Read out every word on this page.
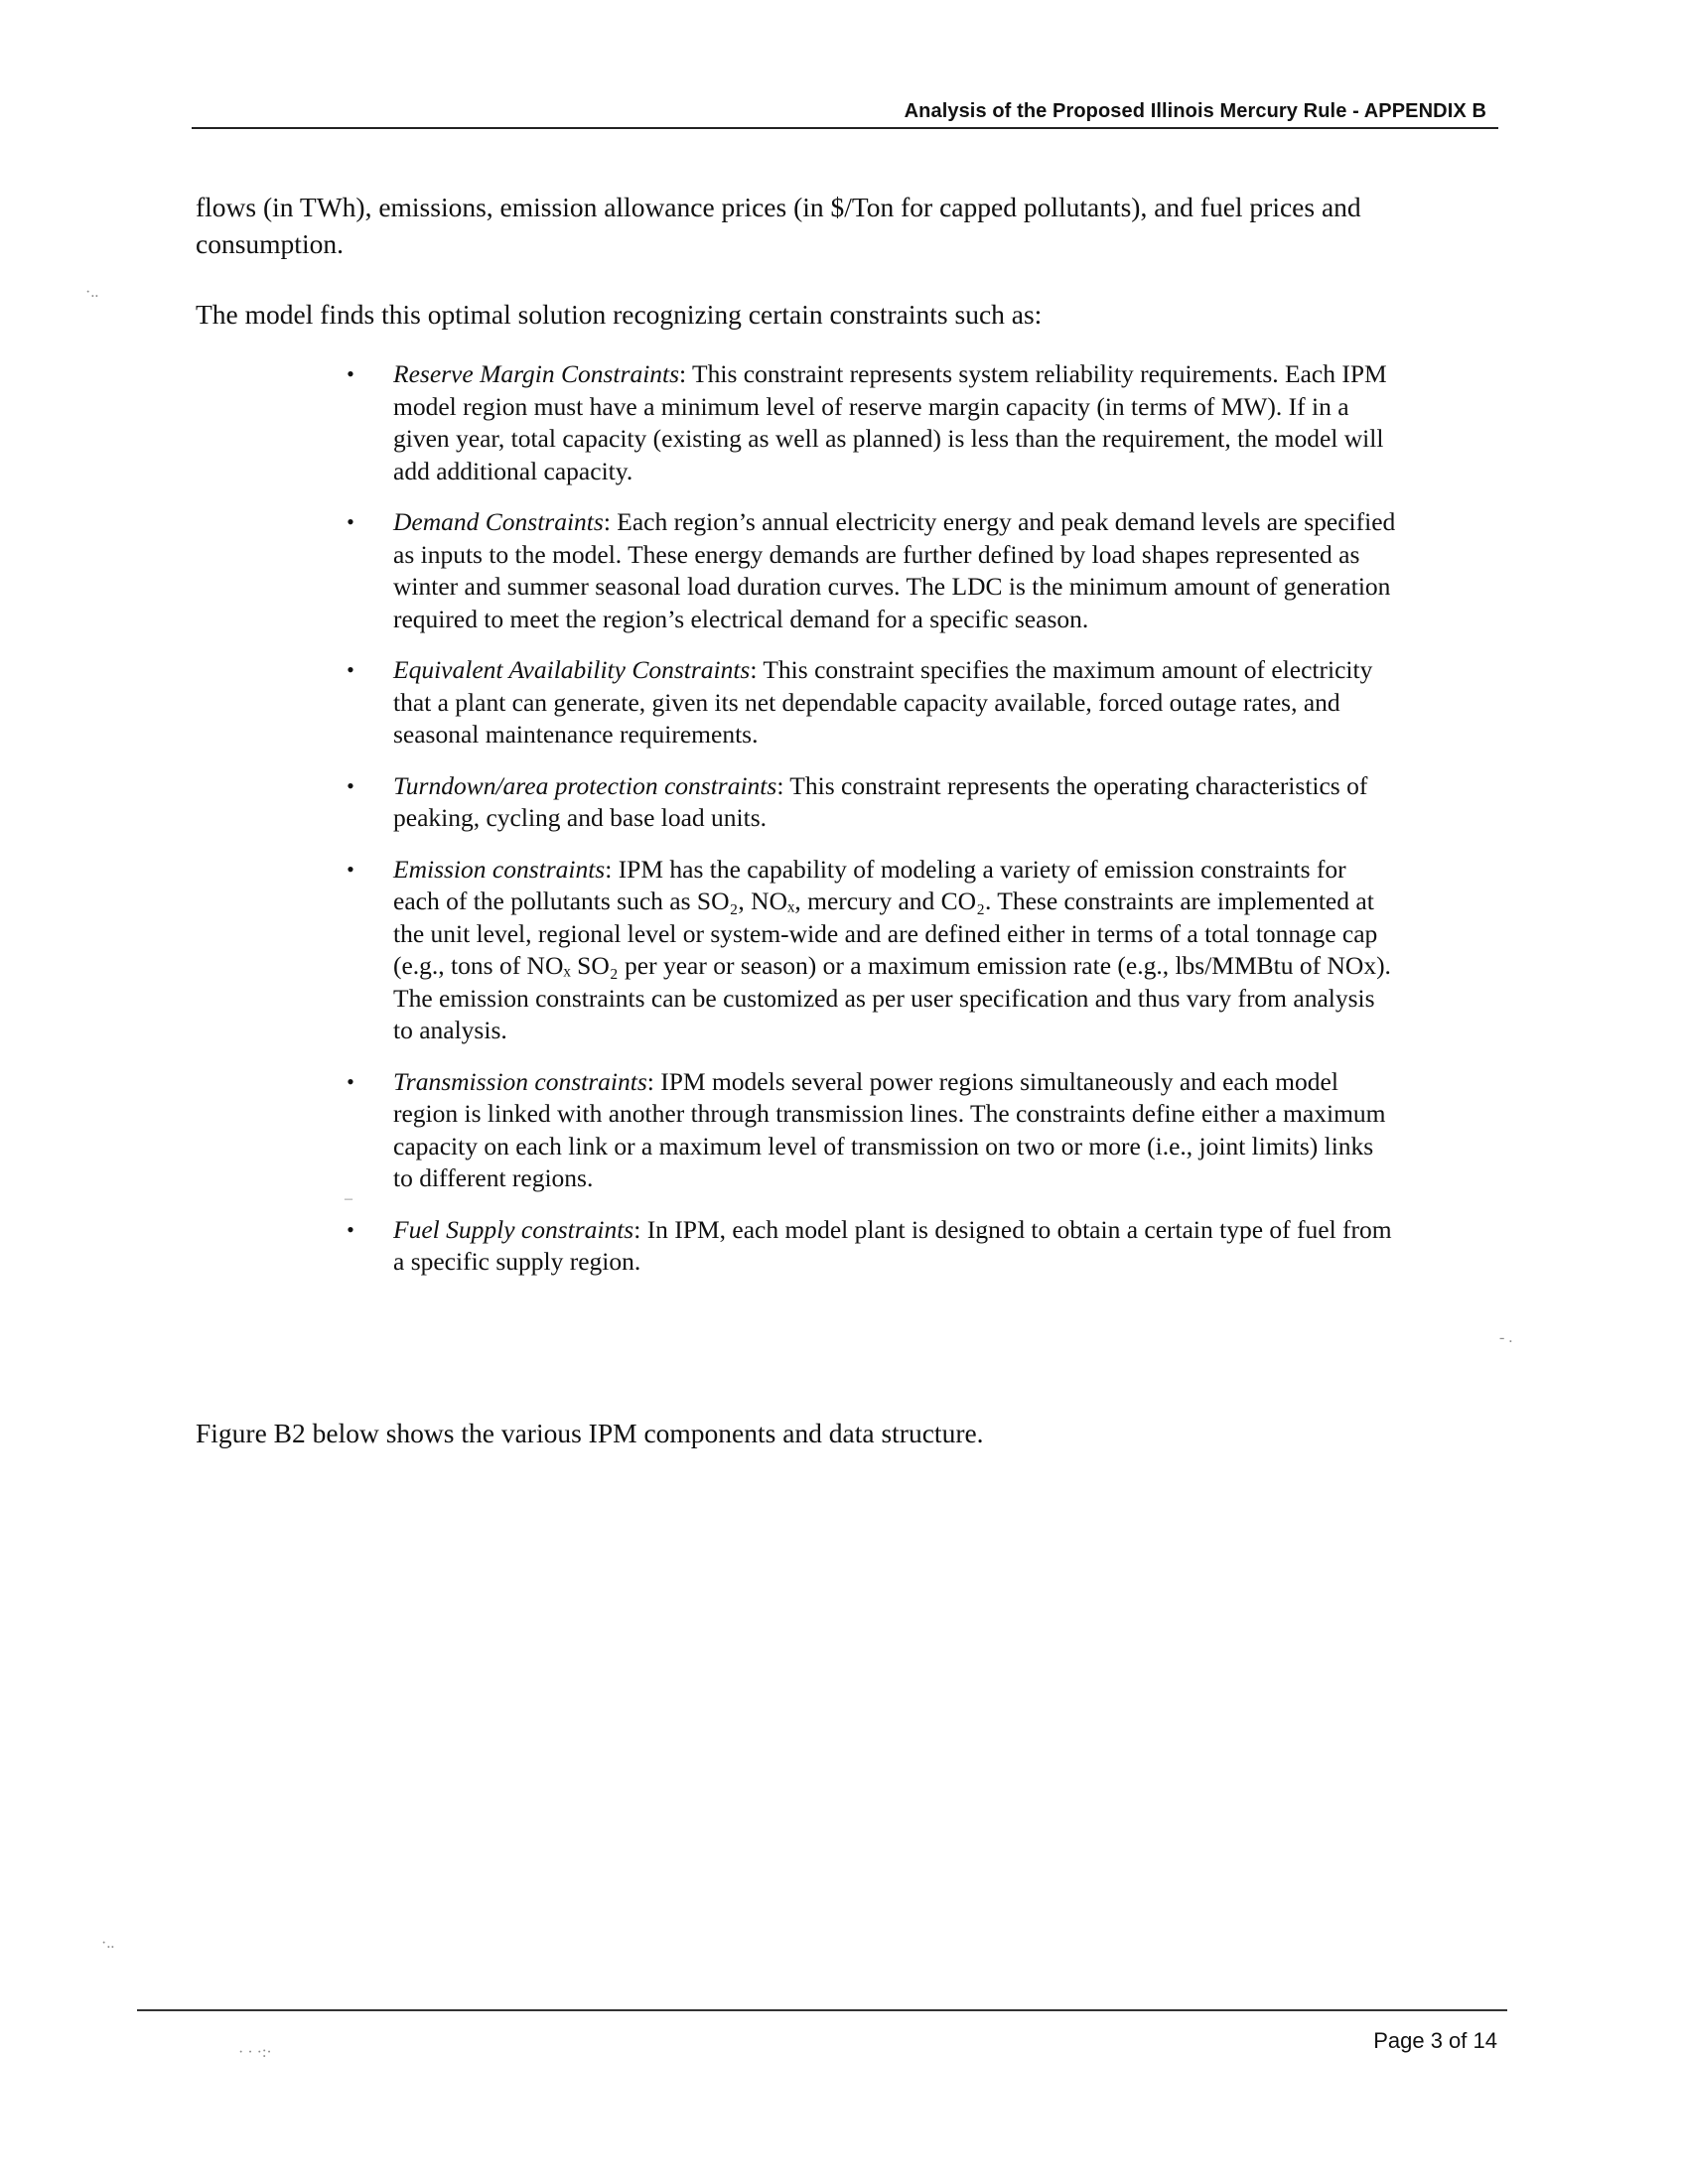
Analysis of the Proposed Illinois Mercury Rule - APPENDIX B

flows (in TWh), emissions, emission allowance prices (in $/Ton for capped pollutants), and fuel prices and consumption.

The model finds this optimal solution recognizing certain constraints such as:

• Reserve Margin Constraints: This constraint represents system reliability requirements. Each IPM model region must have a minimum level of reserve margin capacity (in terms of MW). If in a given year, total capacity (existing as well as planned) is less than the requirement, the model will add additional capacity.
• Demand Constraints: Each region’s annual electricity energy and peak demand levels are specified as inputs to the model. These energy demands are further defined by load shapes represented as winter and summer seasonal load duration curves. The LDC is the minimum amount of generation required to meet the region’s electrical demand for a specific season.
• Equivalent Availability Constraints: This constraint specifies the maximum amount of electricity that a plant can generate, given its net dependable capacity available, forced outage rates, and seasonal maintenance requirements.
• Turndown/area protection constraints: This constraint represents the operating characteristics of peaking, cycling and base load units.
• Emission constraints: IPM has the capability of modeling a variety of emission constraints for each of the pollutants such as SO₂, NOₓ, mercury and CO₂. These constraints are implemented at the unit level, regional level or system-wide and are defined either in terms of a total tonnage cap (e.g., tons of NOₓ SO₂ per year or season) or a maximum emission rate (e.g., lbs/MMBtu of NOx). The emission constraints can be customized as per user specification and thus vary from analysis to analysis.
• Transmission constraints: IPM models several power regions simultaneously and each model region is linked with another through transmission lines. The constraints define either a maximum capacity on each link or a maximum level of transmission on two or more (i.e., joint limits) links to different regions.
• Fuel Supply constraints: In IPM, each model plant is designed to obtain a certain type of fuel from a specific supply region.

Figure B2 below shows the various IPM components and data structure.

Page 3 of 14
·..
·..
–
- .
· · ·:·
